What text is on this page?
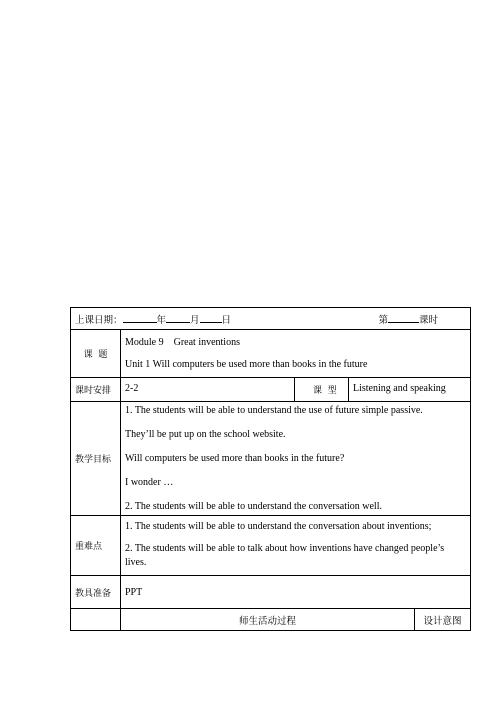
上课日期： 年 月 日 第 课时				

课  题	Module 9    Great inventions

Unit 1 Will computers be used more than books in the future			

课时安排	2-2	课  型	Listening and speaking	
教学目标	1. The students will be able to understand the use of future simple passive.

They’ll be put up on the school website.

Will computers be used more than books in the future?

I wonder …

2. The students will be able to understand the conversation well.			

重难点	1. The students will be able to understand the conversation about inventions;

2. The students will be able to talk about how inventions have changed people’s lives.			

教具准备	PPT			
	师生活动过程			设计意图
